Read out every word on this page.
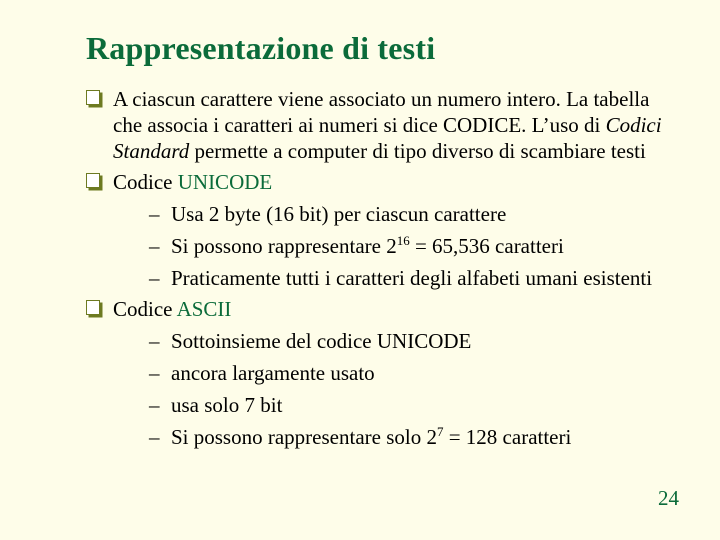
Rappresentazione di testi
A ciascun carattere viene associato un numero intero. La tabella che associa i caratteri ai numeri si dice CODICE. L’uso di Codici Standard permette a computer di tipo diverso di scambiare testi
Codice UNICODE
– Usa 2 byte (16 bit) per ciascun carattere
– Si possono rappresentare $2^{16} = 65,536$ caratteri
– Praticamente tutti i caratteri degli alfabeti umani esistenti
Codice ASCII
– Sottoinsieme del codice UNICODE
– ancora largamente usato
– usa solo 7 bit
– Si possono rappresentare solo $2^7 = 128$ caratteri
24
